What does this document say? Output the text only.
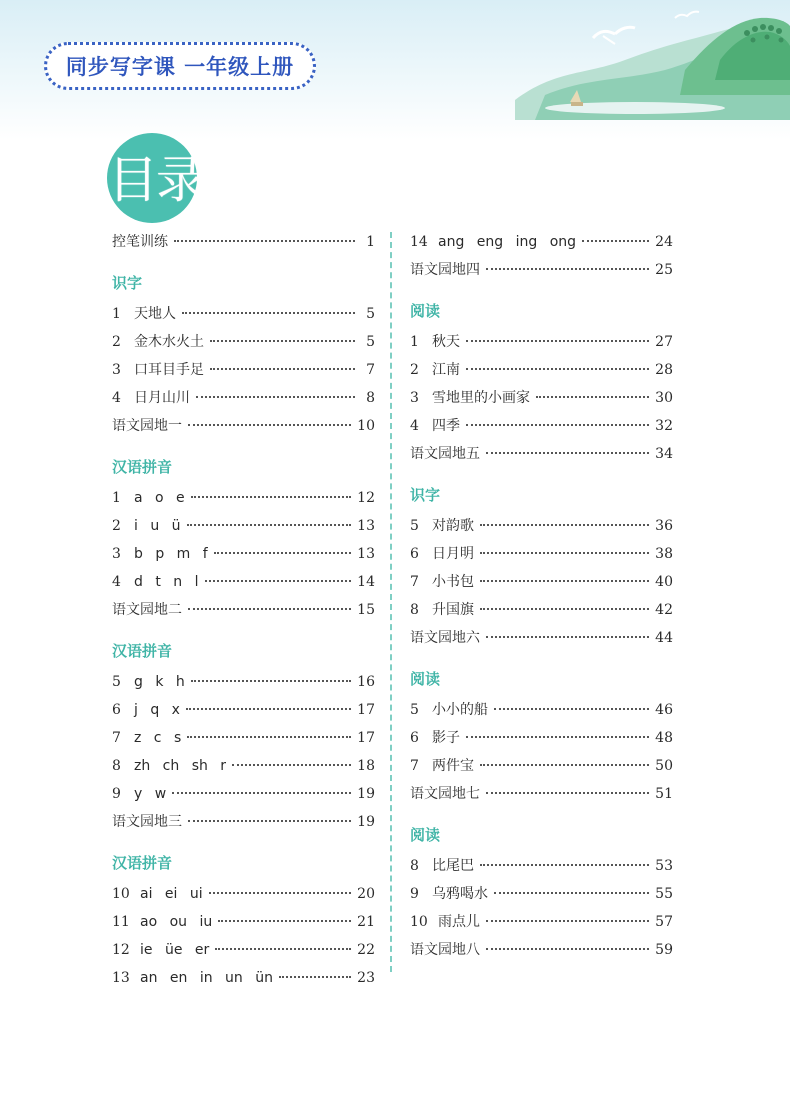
同步写字课 一年级上册
目录
控笔训练	1
识字
1 天地人	5
2 金木水火土	5
3 口耳目手足	7
4 日月山川	8
语文园地一	10
汉语拼音
1 a o e	12
2 i u ü	13
3 b p m f	13
4 d t n l	14
语文园地二	15
汉语拼音
5 g k h	16
6 j q x	17
7 z c s	17
8 zh ch sh r	18
9 y w	19
语文园地三	19
汉语拼音
10 ai ei ui	20
11 ao ou iu	21
12 ie üe er	22
13 an en in un ün	23
14 ang eng ing ong	24
语文园地四	25
阅读
1 秋天	27
2 江南	28
3 雪地里的小画家	30
4 四季	32
语文园地五	34
识字
5 对韵歌	36
6 日月明	38
7 小书包	40
8 升国旗	42
语文园地六	44
阅读
5 小小的船	46
6 影子	48
7 两件宝	50
语文园地七	51
阅读
8 比尾巴	53
9 乌鸦喝水	55
10 雨点儿	57
语文园地八	59
